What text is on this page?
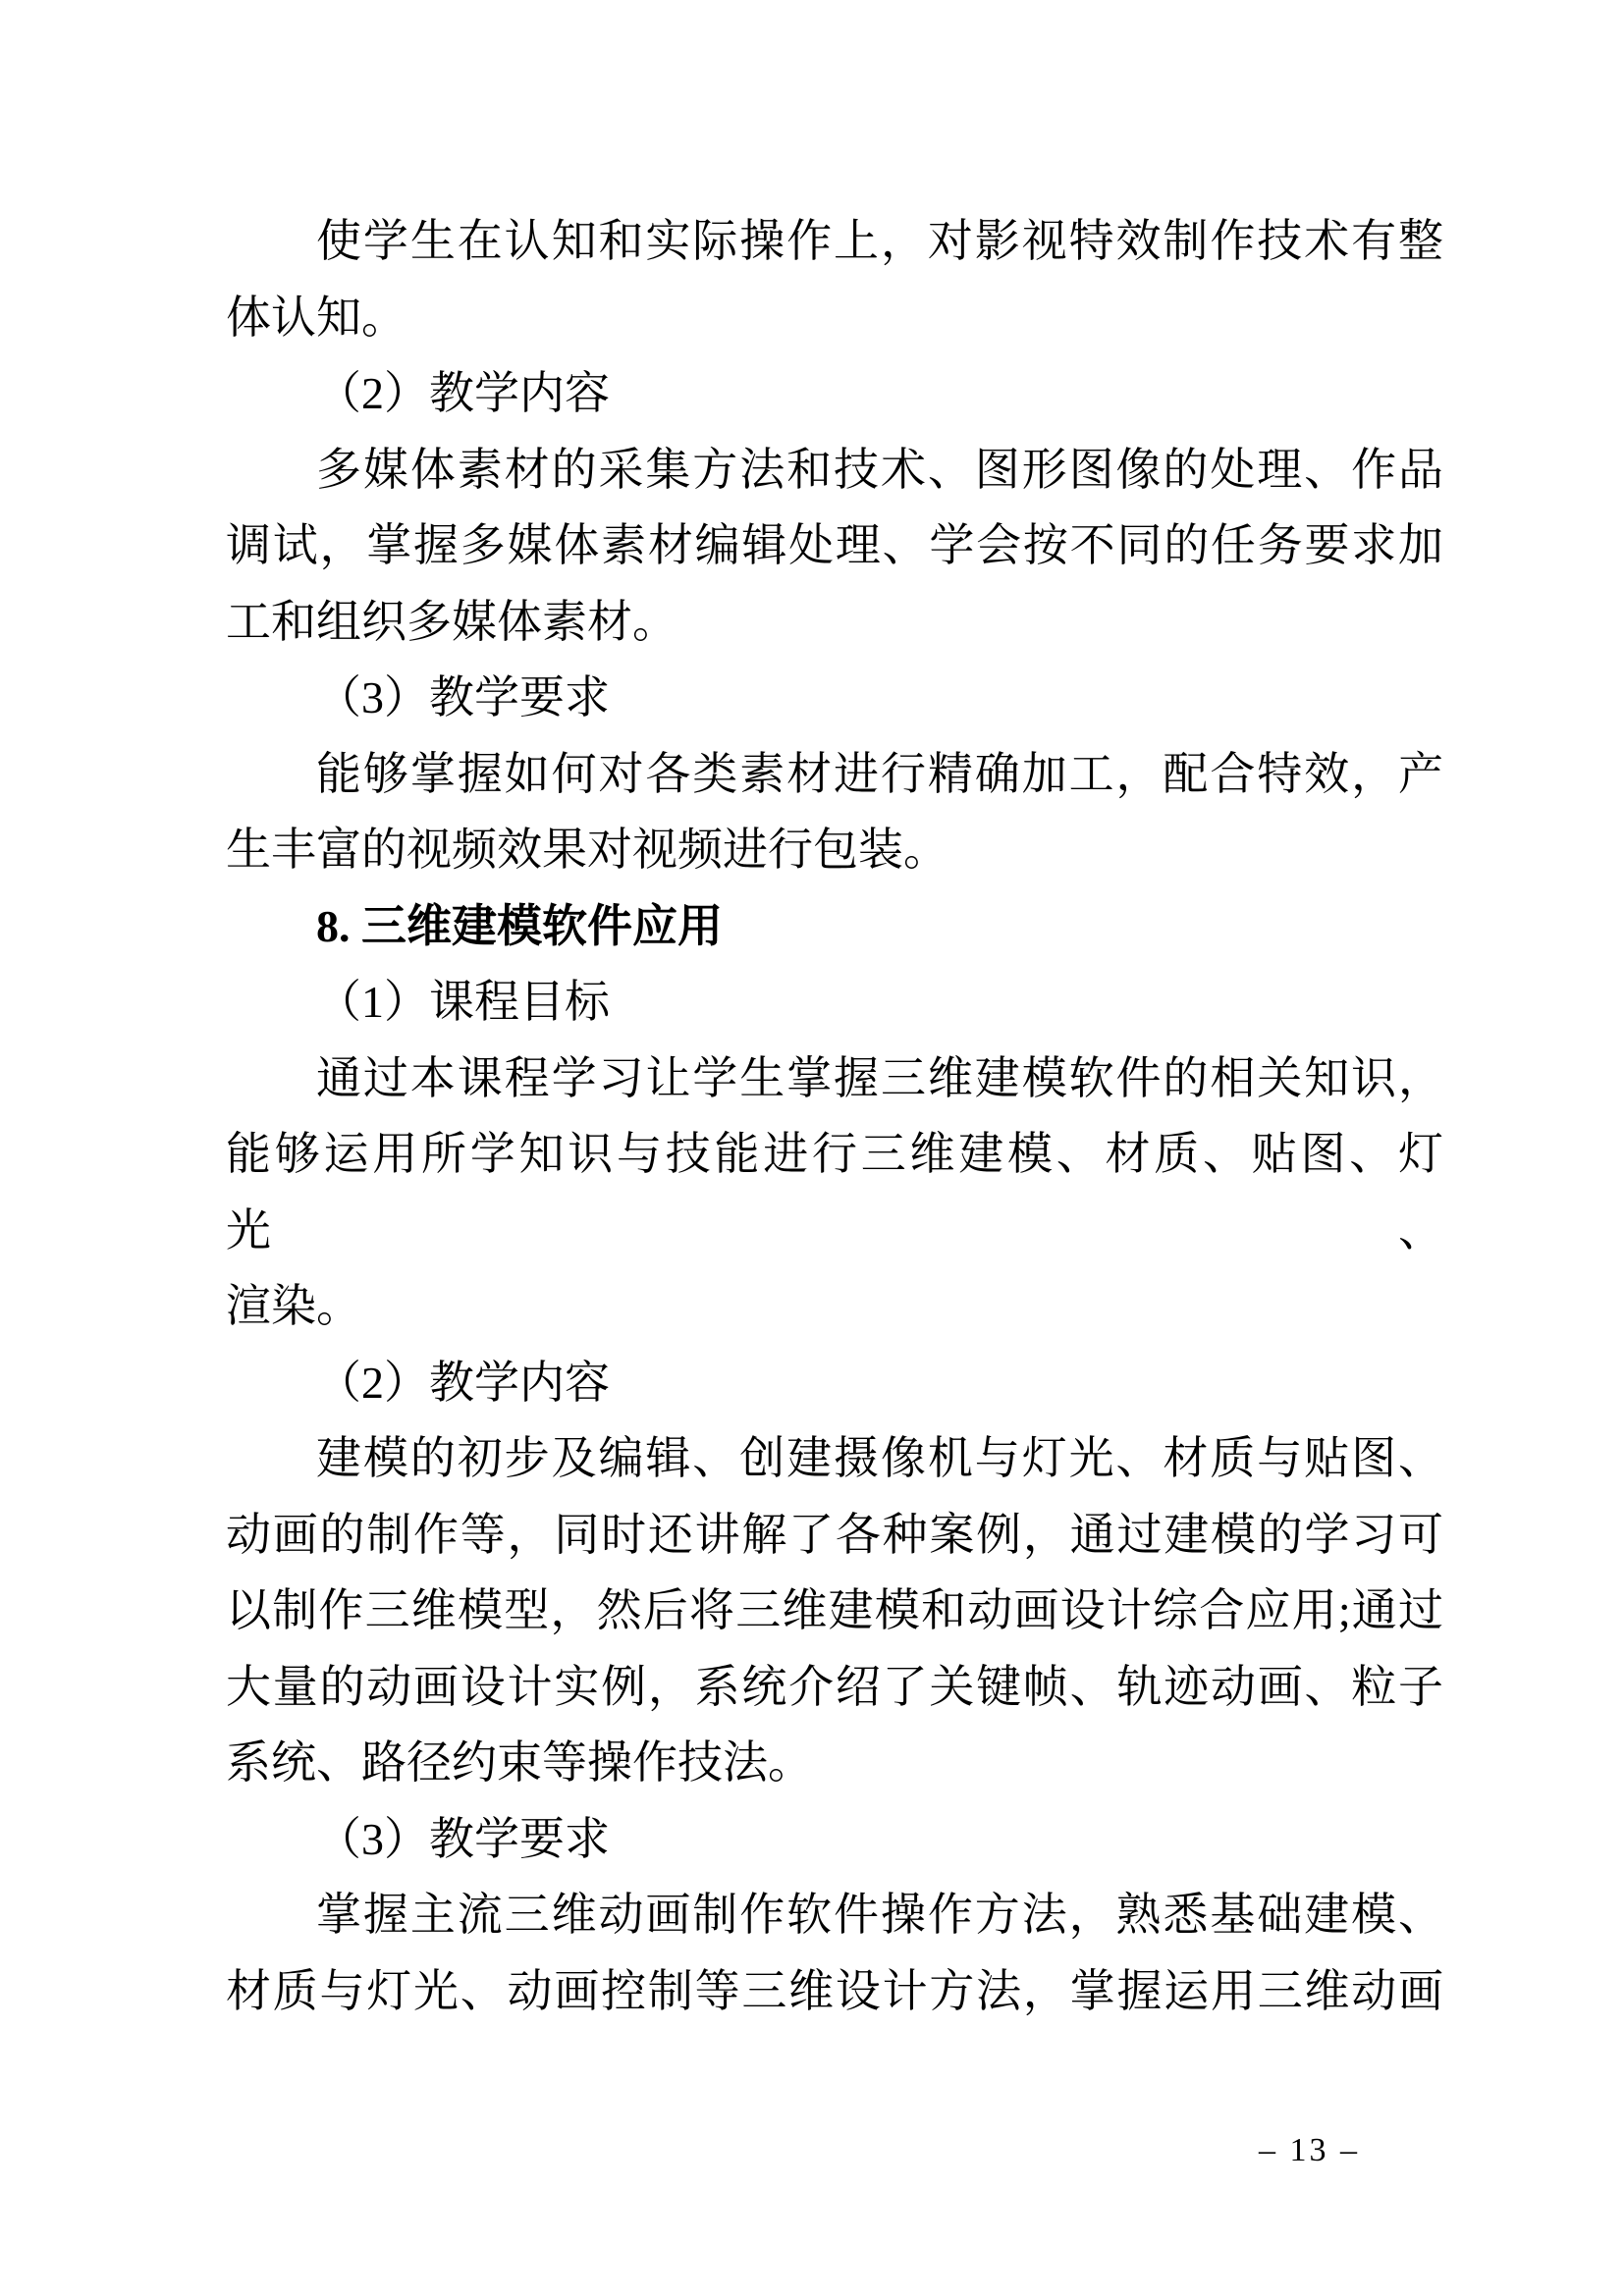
使学生在认知和实际操作上，对影视特效制作技术有整
体认知。

（2）教学内容

多媒体素材的采集方法和技术、图形图像的处理、作品
调试，掌握多媒体素材编辑处理、学会按不同的任务要求加
工和组织多媒体素材。

（3）教学要求

能够掌握如何对各类素材进行精确加工，配合特效，产
生丰富的视频效果对视频进行包装。

8. 三维建模软件应用

（1）课程目标

通过本课程学习让学生掌握三维建模软件的相关知识，
能够运用所学知识与技能进行三维建模、材质、贴图、灯光、
渲染。

（2）教学内容

建模的初步及编辑、创建摄像机与灯光、材质与贴图、
动画的制作等，同时还讲解了各种案例，通过建模的学习可
以制作三维模型，然后将三维建模和动画设计综合应用;通过
大量的动画设计实例，系统介绍了关键帧、轨迹动画、粒子
系统、路径约束等操作技法。

（3）教学要求

掌握主流三维动画制作软件操作方法，熟悉基础建模、
材质与灯光、动画控制等三维设计方法，掌握运用三维动画

– 13 –
